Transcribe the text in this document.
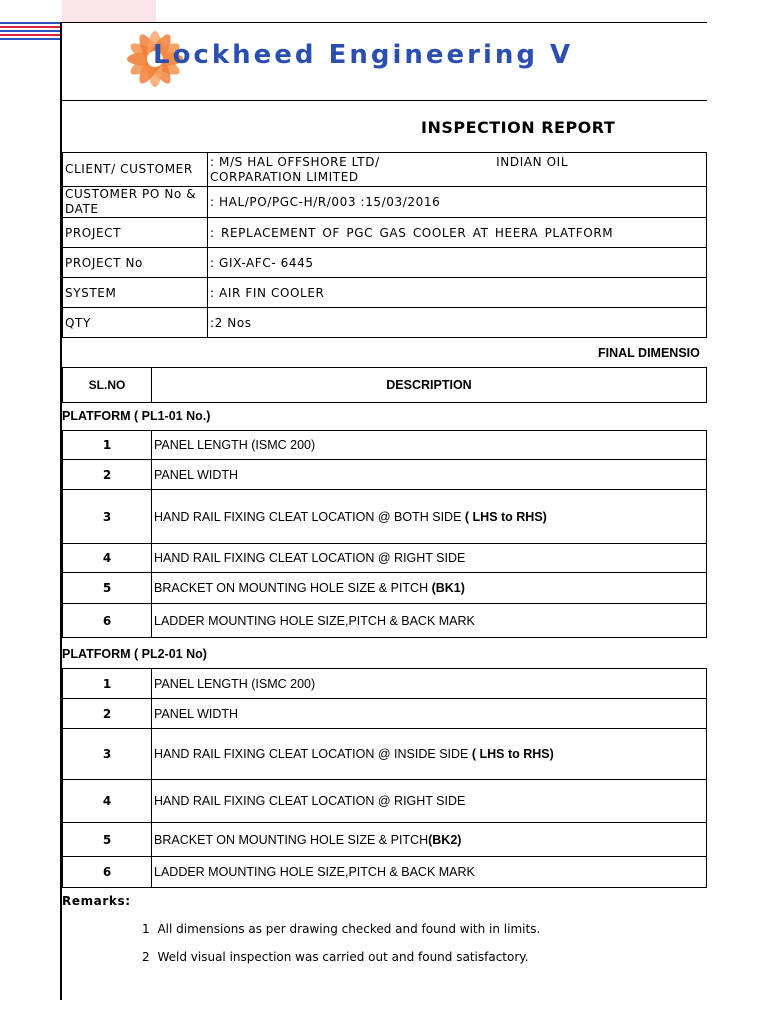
Lockheed Engineering V
INSPECTION REPORT
CLIENT/ CUSTOMER	: M/S HAL OFFSHORE LTD/ INDIAN OIL
CORPARATION LIMITED
CUSTOMER PO No & DATE	: HAL/PO/PGC-H/R/003 :15/03/2016
PROJECT	: REPLACEMENT OF PGC GAS COOLER AT HEERA PLATFORM
PROJECT No	: GIX-AFC- 6445
SYSTEM	: AIR FIN COOLER
QTY	:2 Nos
FINAL DIMENSIO
SL.NO	DESCRIPTION
PLATFORM ( PL1-01 No.)
1	PANEL LENGTH (ISMC 200)
2	PANEL WIDTH
3	HAND RAIL FIXING CLEAT LOCATION @ BOTH SIDE ( LHS to RHS)
4	HAND RAIL FIXING CLEAT LOCATION @ RIGHT SIDE
5	BRACKET ON MOUNTING HOLE SIZE & PITCH (BK1)
6	LADDER MOUNTING HOLE SIZE,PITCH & BACK MARK
PLATFORM ( PL2-01 No)
1	PANEL LENGTH (ISMC 200)
2	PANEL WIDTH
3	HAND RAIL FIXING CLEAT LOCATION @ INSIDE SIDE ( LHS to RHS)
4	HAND RAIL FIXING CLEAT LOCATION @ RIGHT SIDE
5	BRACKET ON MOUNTING HOLE SIZE & PITCH(BK2)
6	LADDER MOUNTING HOLE SIZE,PITCH & BACK MARK
Remarks:
1 All dimensions as per drawing checked and found with in limits.
2 Weld visual inspection was carried out and found satisfactory.
